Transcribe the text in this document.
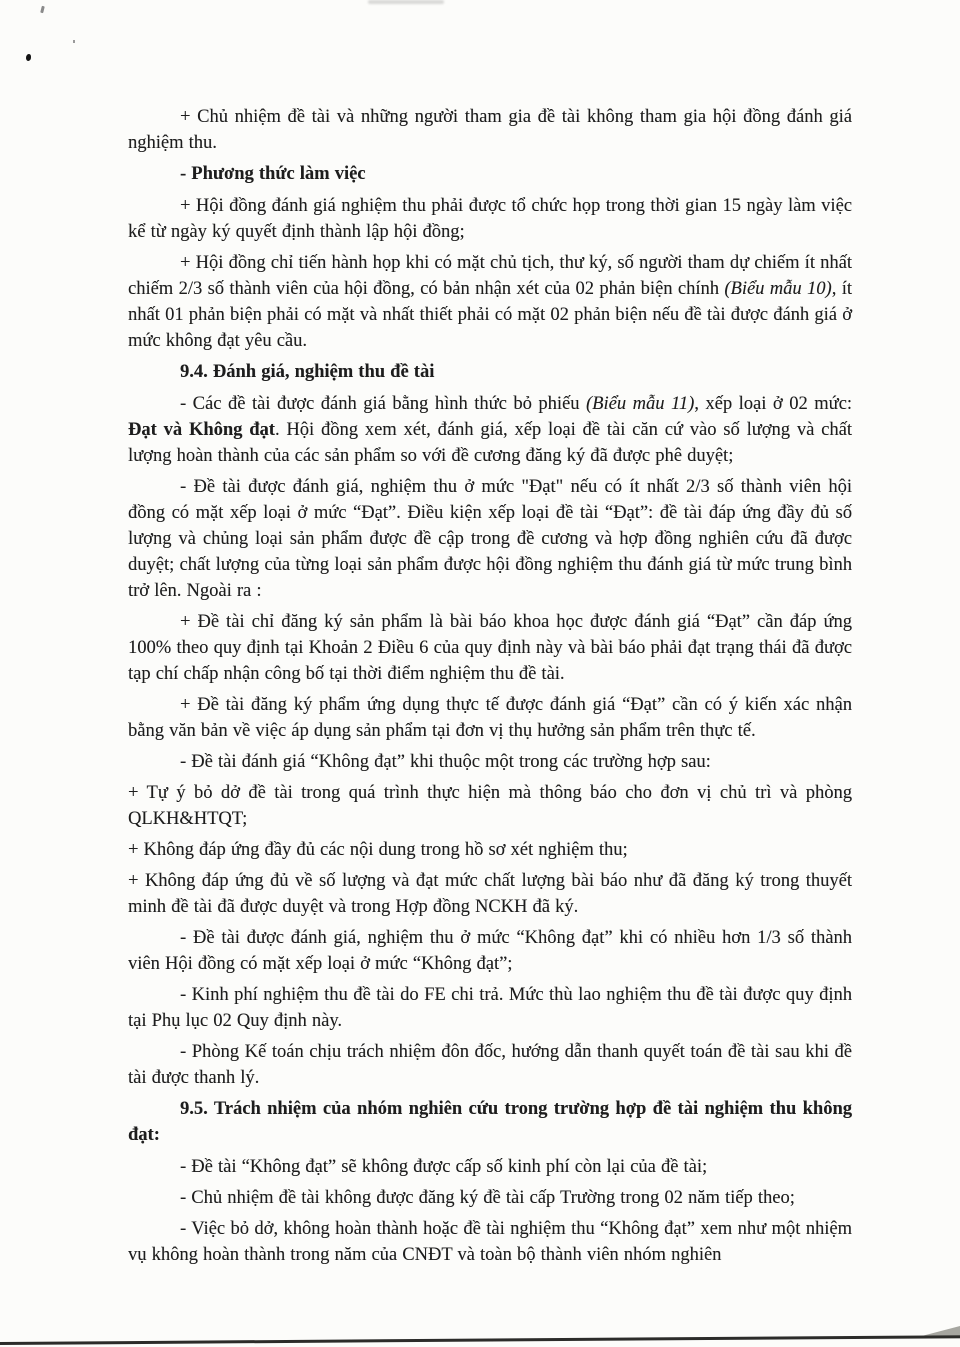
+ Chủ nhiệm đề tài và những người tham gia đề tài không tham gia hội đồng đánh giá nghiệm thu.

- Phương thức làm việc

+ Hội đồng đánh giá nghiệm thu phải được tổ chức họp trong thời gian 15 ngày làm việc kể từ ngày ký quyết định thành lập hội đồng;

+ Hội đồng chỉ tiến hành họp khi có mặt chủ tịch, thư ký, số người tham dự chiếm ít nhất chiếm 2/3 số thành viên của hội đồng, có bản nhận xét của 02 phản biện chính (Biểu mẫu 10), ít nhất 01 phản biện phải có mặt và nhất thiết phải có mặt 02 phản biện nếu đề tài được đánh giá ở mức không đạt yêu cầu.

9.4. Đánh giá, nghiệm thu đề tài

- Các đề tài được đánh giá bằng hình thức bỏ phiếu (Biểu mẫu 11), xếp loại ở 02 mức: Đạt và Không đạt. Hội đồng xem xét, đánh giá, xếp loại đề tài căn cứ vào số lượng và chất lượng hoàn thành của các sản phẩm so với đề cương đăng ký đã được phê duyệt;

- Đề tài được đánh giá, nghiệm thu ở mức "Đạt" nếu có ít nhất 2/3 số thành viên hội đồng có mặt xếp loại ở mức “Đạt”. Điều kiện xếp loại đề tài “Đạt”: đề tài đáp ứng đầy đủ số lượng và chủng loại sản phẩm được đề cập trong đề cương và hợp đồng nghiên cứu đã được duyệt; chất lượng của từng loại sản phẩm được hội đồng nghiệm thu đánh giá từ mức trung bình trở lên. Ngoài ra :

+ Đề tài chỉ đăng ký sản phẩm là bài báo khoa học được đánh giá “Đạt” cần đáp ứng 100% theo quy định tại Khoản 2 Điều 6 của quy định này và bài báo phải đạt trạng thái đã được tạp chí chấp nhận công bố tại thời điểm nghiệm thu đề tài.

+ Đề tài đăng ký phẩm ứng dụng thực tế được đánh giá “Đạt” cần có ý kiến xác nhận bằng văn bản về việc áp dụng sản phẩm tại đơn vị thụ hưởng sản phẩm trên thực tế.

- Đề tài đánh giá “Không đạt” khi thuộc một trong các trường hợp sau:

+ Tự ý bỏ dở đề tài trong quá trình thực hiện mà thông báo cho đơn vị chủ trì và phòng QLKH&HTQT;

+ Không đáp ứng đầy đủ các nội dung trong hồ sơ xét nghiệm thu;

+ Không đáp ứng đủ về số lượng và đạt mức chất lượng bài báo như đã đăng ký trong thuyết minh đề tài đã được duyệt và trong Hợp đồng NCKH đã ký.

- Đề tài được đánh giá, nghiệm thu ở mức “Không đạt” khi có nhiều hơn 1/3 số thành viên Hội đồng có mặt xếp loại ở mức “Không đạt”;

- Kinh phí nghiệm thu đề tài do FE chi trả. Mức thù lao nghiệm thu đề tài được quy định tại Phụ lục 02 Quy định này.

- Phòng Kế toán chịu trách nhiệm đôn đốc, hướng dẫn thanh quyết toán đề tài sau khi đề tài được thanh lý.

9.5. Trách nhiệm của nhóm nghiên cứu trong trường hợp đề tài nghiệm thu không đạt:

- Đề tài “Không đạt” sẽ không được cấp số kinh phí còn lại của đề tài;

- Chủ nhiệm đề tài không được đăng ký đề tài cấp Trường trong 02 năm tiếp theo;

- Việc bỏ dở, không hoàn thành hoặc đề tài nghiệm thu “Không đạt” xem như một nhiệm vụ không hoàn thành trong năm của CNĐT và toàn bộ thành viên nhóm nghiên
